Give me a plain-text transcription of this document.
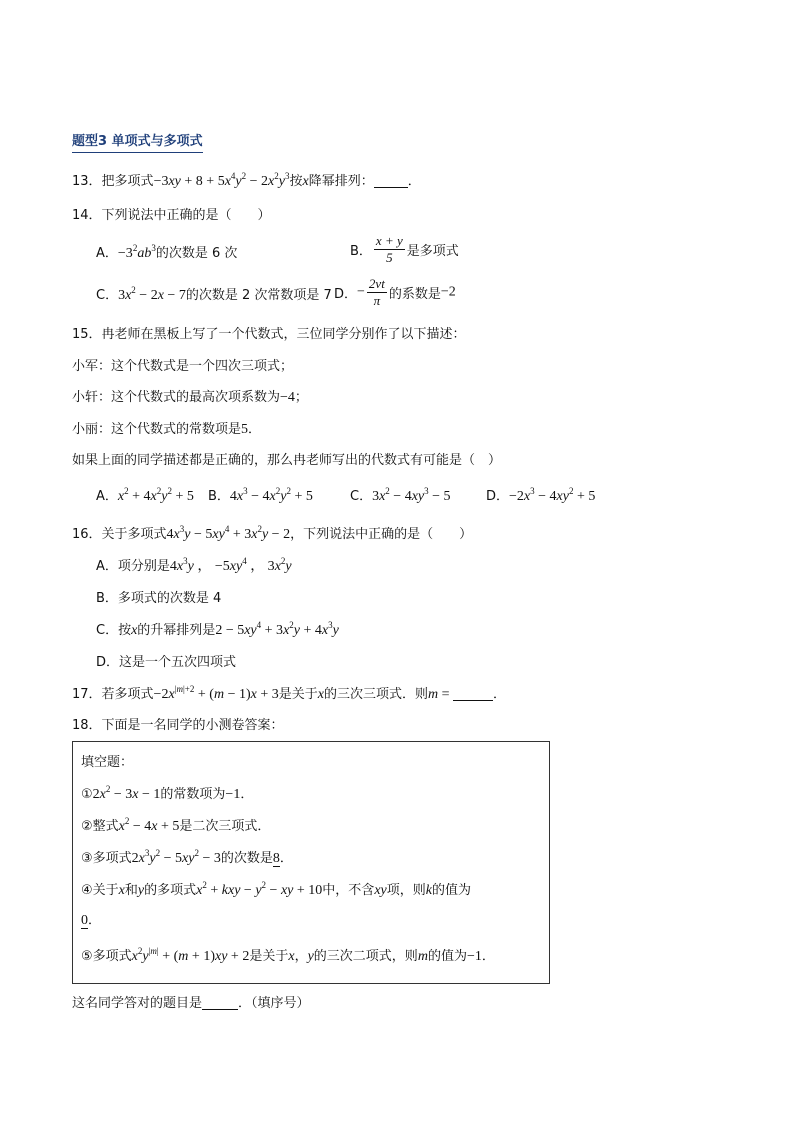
题型3 单项式与多项式
13．把多项式$-3xy + 8 + 5x^4y^2 - 2x^2y^3$按x降幂排列：	．
14．下列说法中正确的是（　　）
A．$-3^2ab^3$的次数是 6 次	B． $\frac{x + y}{5}$ 是多项式
C．$3x^2 - 2x - 7$的次数是 2 次常数项是 7 D．− $\frac{2vt}{\pi}$ 的系数是−2
15．冉老师在黑板上写了一个代数式，三位同学分别作了以下描述：
小军：这个代数式是一个四次三项式；
小轩：这个代数式的最高次项系数为−4；
小丽：这个代数式的常数项是5．
如果上面的同学描述都是正确的，那么冉老师写出的代数式有可能是（　）
A．$x^2 + 4x^2y^2 + 5$ B．$4x^3 - 4x^2y^2 + 5$	C．$3x^2 - 4xy^3 - 5$	D．$-2x^3 - 4xy^2 + 5$
16．关于多项式$4x^3y - 5xy^4 + 3x^2y - 2$，下列说法中正确的是（　　）
A．项分别是$4x^3y$ ， $-5xy^4$ ， $3x^2y$
B．多项式的次数是 4
C．按x的升幂排列是$2 - 5xy^4 + 3x^2y + 4x^3y$
D．这是一个五次四项式
17．若多项式$-2x^{|m|+2} + (m - 1)x + 3$是关于x的三次三项式．则m =	．
18．下面是一名同学的小测卷答案：
填空题：
$①2x^2 - 3x - 1$的常数项为−1．
②整式$x^2 - 4x + 5$是二次三项式．
③多项式$2x^3y^2 - 5xy^2 - 3$的次数是8．
④关于x和y的多项式$x^2$ + kxy − $y^2$ − xy + 10中，不含xy项，则k的值为
0．
⑤多项式$x^2y^{|m|} + (m + 1)xy + 2$是关于x，y的三次二项式，则m的值为−1．
这名同学答对的题目是	．（填序号）
